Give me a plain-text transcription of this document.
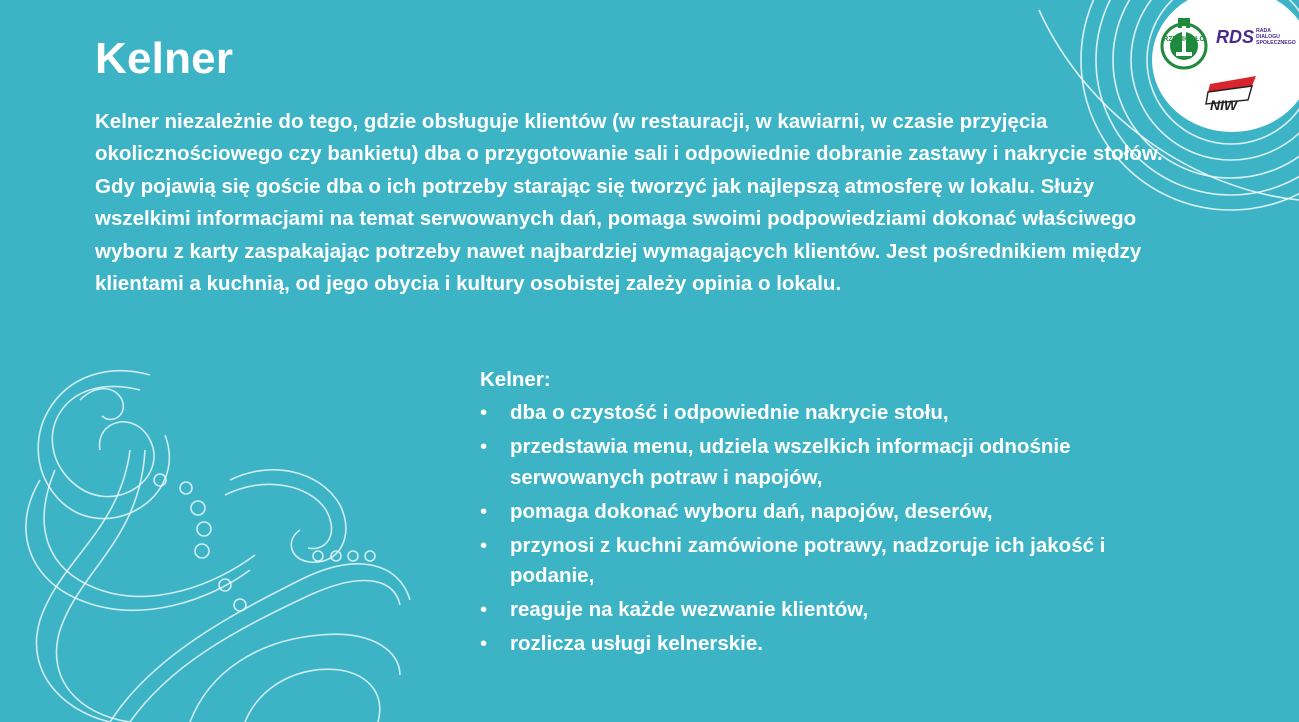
RZEMIOSŁO RDS RADA
DIALOGU
SPOŁECZNEGO
NIW
Kelner

Kelner niezależnie do tego, gdzie obsługuje klientów (w restauracji, w kawiarni, w czasie przyjęcia okolicznościowego czy bankietu) dba o przygotowanie sali i odpowiednie dobranie zastawy i nakrycie stołów. Gdy pojawią się goście dba o ich potrzeby starając się tworzyć jak najlepszą atmosferę w lokalu. Służy wszelkimi informacjami na temat serwowanych dań, pomaga swoimi podpowiedziami dokonać właściwego wyboru z karty zaspakajając potrzeby nawet najbardziej wymagających klientów. Jest pośrednikiem między klientami a kuchnią, od jego obycia i kultury osobistej zależy opinia o lokalu.

Kelner:

• dba o czystość i odpowiednie nakrycie stołu,
• przedstawia menu, udziela wszelkich informacji odnośnie serwowanych potraw i napojów,
• pomaga dokonać wyboru dań, napojów, deserów,
• przynosi z kuchni zamówione potrawy, nadzoruje ich jakość i podanie,
• reaguje na każde wezwanie klientów,
• rozlicza usługi kelnerskie.
